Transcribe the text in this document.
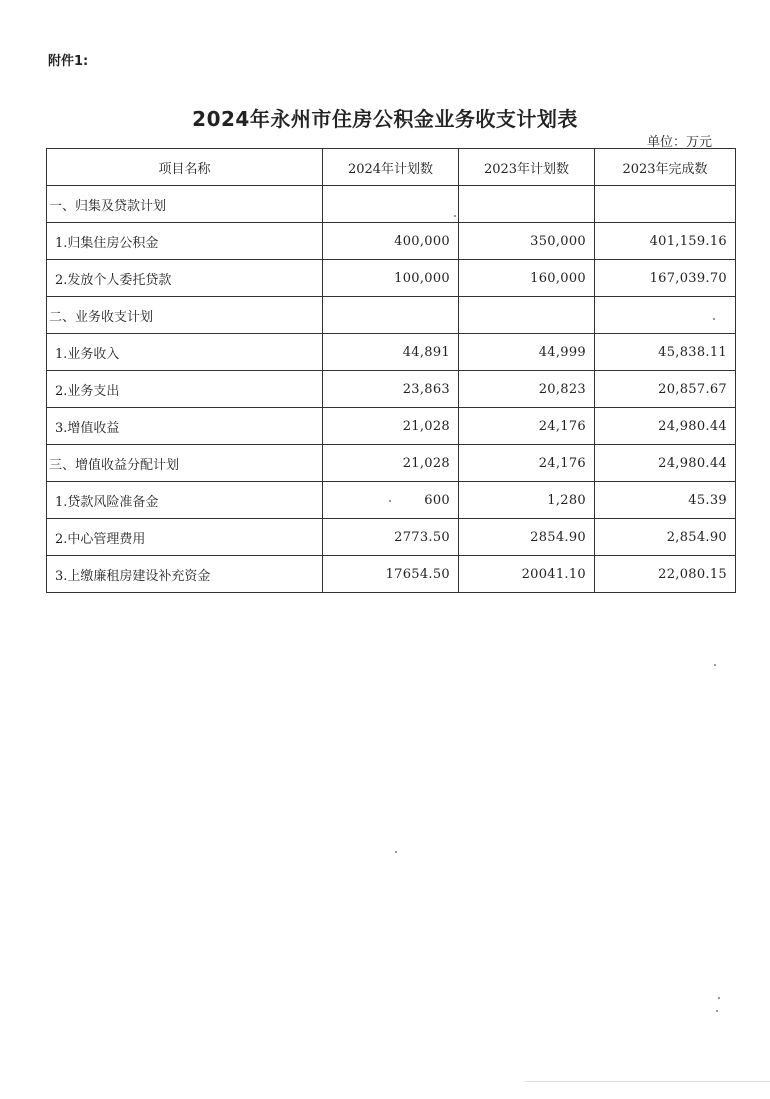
附件1:
2024年永州市住房公积金业务收支计划表
单位：万元
项目名称	2024年计划数	2023年计划数	2023年完成数
一、归集及贷款计划			
1.归集住房公积金	400,000	350,000	401,159.16
2.发放个人委托贷款	100,000	160,000	167,039.70
二、业务收支计划			
1.业务收入	44,891	44,999	45,838.11
2.业务支出	23,863	20,823	20,857.67
3.增值收益	21,028	24,176	24,980.44
三、增值收益分配计划	21,028	24,176	24,980.44
1.贷款风险准备金	600	1,280	45.39
2.中心管理费用	2773.50	2854.90	2,854.90
3.上缴廉租房建设补充资金	17654.50	20041.10	22,080.15
